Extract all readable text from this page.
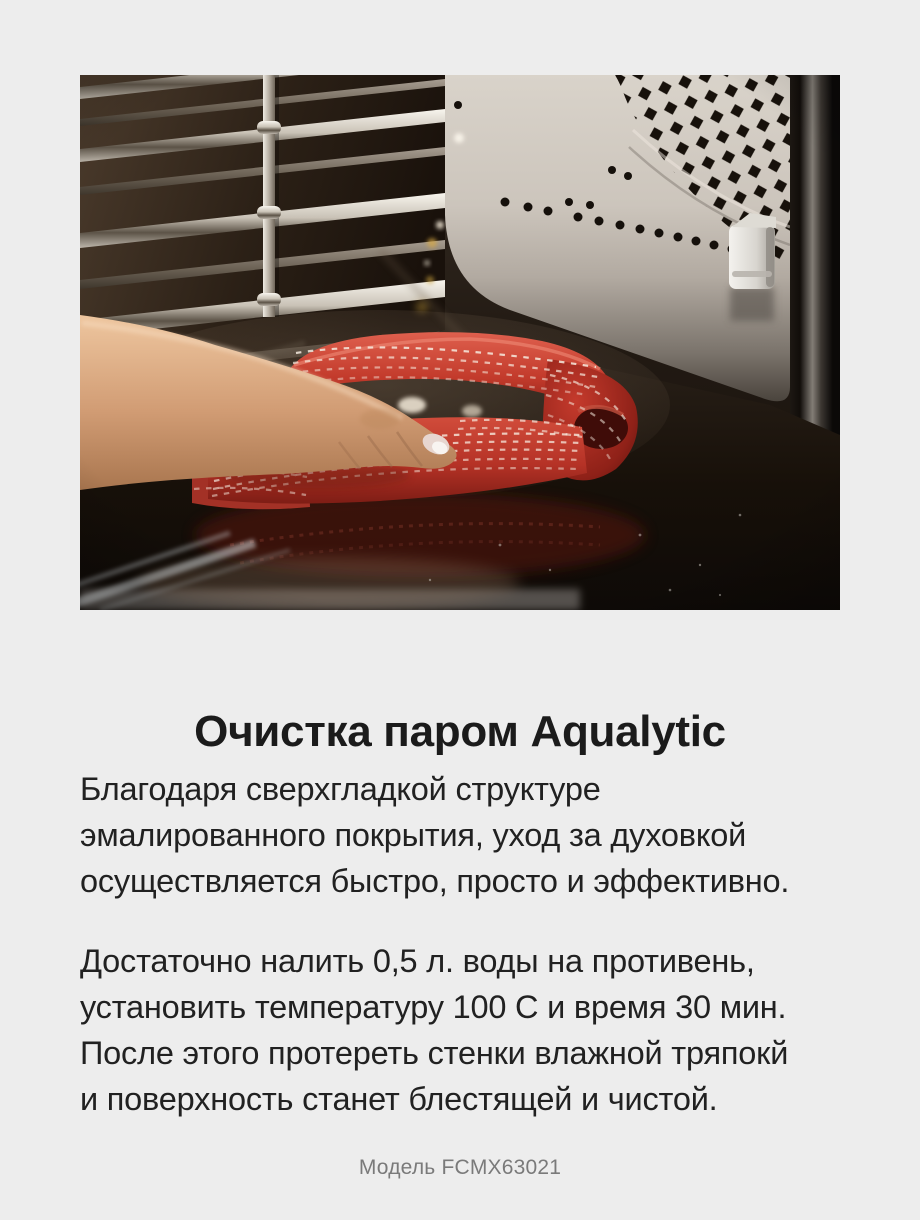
Очистка паром Aqualytic
Благодаря сверхгладкой структуре
эмалированного покрытия, уход за духовкой
осуществляется быстро, просто и эффективно.
Достаточно налить 0,5 л. воды на противень,
установить температуру 100 С и время 30 мин.
После этого протереть стенки влажной тряпокй
и поверхность станет блестящей и чистой.
Модель FCMX63021
